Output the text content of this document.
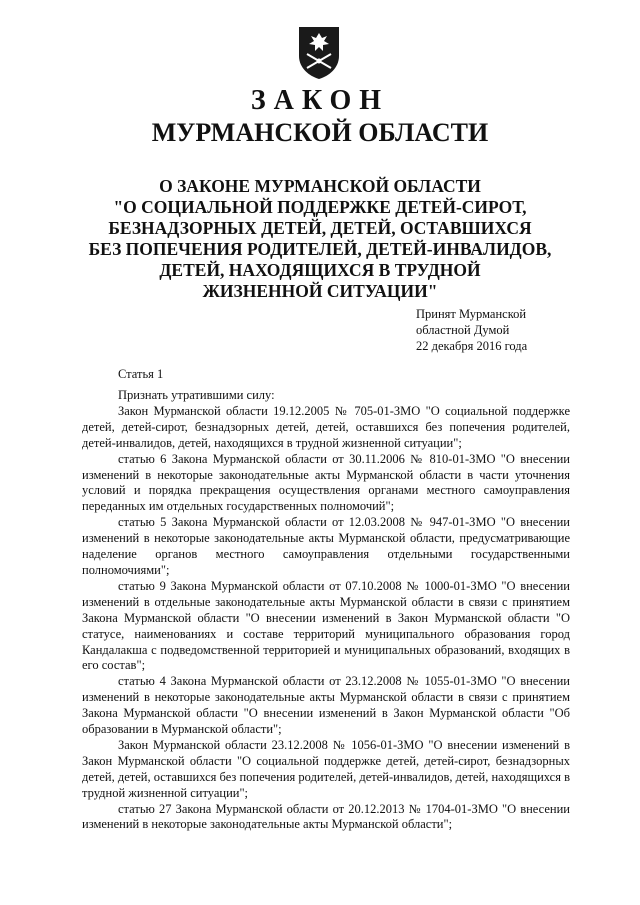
ЗАКОН
МУРМАНСКОЙ ОБЛАСТИ
О ЗАКОНЕ МУРМАНСКОЙ ОБЛАСТИ
"О СОЦИАЛЬНОЙ ПОДДЕРЖКЕ ДЕТЕЙ-СИРОТ,
БЕЗНАДЗОРНЫХ ДЕТЕЙ, ДЕТЕЙ, ОСТАВШИХСЯ
БЕЗ ПОПЕЧЕНИЯ РОДИТЕЛЕЙ, ДЕТЕЙ-ИНВАЛИДОВ,
ДЕТЕЙ, НАХОДЯЩИХСЯ В ТРУДНОЙ
ЖИЗНЕННОЙ СИТУАЦИИ"
Принят Мурманской
областной Думой
22 декабря 2016 года
Статья 1

Признать утратившими силу:

Закон Мурманской области 19.12.2005 № 705-01-ЗМО "О социальной поддержке детей, детей-сирот, безнадзорных детей, детей, оставшихся без попечения родителей, детей-инвалидов, детей, находящихся в трудной жизненной ситуации";

статью 6 Закона Мурманской области от 30.11.2006 № 810-01-ЗМО "О внесении изменений в некоторые законодательные акты Мурманской области в части уточнения условий и порядка прекращения осуществления органами местного самоуправления переданных им отдельных государственных полномочий";

статью 5 Закона Мурманской области от 12.03.2008 № 947-01-ЗМО "О внесении изменений в некоторые законодательные акты Мурманской области, предусматривающие наделение органов местного самоуправления отдельными государственными полномочиями";

статью 9 Закона Мурманской области от 07.10.2008 № 1000-01-ЗМО "О внесении изменений в отдельные законодательные акты Мурманской области в связи с принятием Закона Мурманской области "О внесении изменений в Закон Мурманской области "О статусе, наименованиях и составе территорий муниципального образования город Кандалакша с подведомственной территорией и муниципальных образований, входящих в его состав";

статью 4 Закона Мурманской области от 23.12.2008 № 1055-01-ЗМО "О внесении изменений в некоторые законодательные акты Мурманской области в связи с принятием Закона Мурманской области "О внесении изменений в Закон Мурманской области "Об образовании в Мурманской области";

Закон Мурманской области 23.12.2008 № 1056-01-ЗМО "О внесении изменений в Закон Мурманской области "О социальной поддержке детей, детей-сирот, безнадзорных детей, детей, оставшихся без попечения родителей, детей-инвалидов, детей, находящихся в трудной жизненной ситуации";

статью 27 Закона Мурманской области от 20.12.2013 № 1704-01-ЗМО "О внесении изменений в некоторые законодательные акты Мурманской области";
